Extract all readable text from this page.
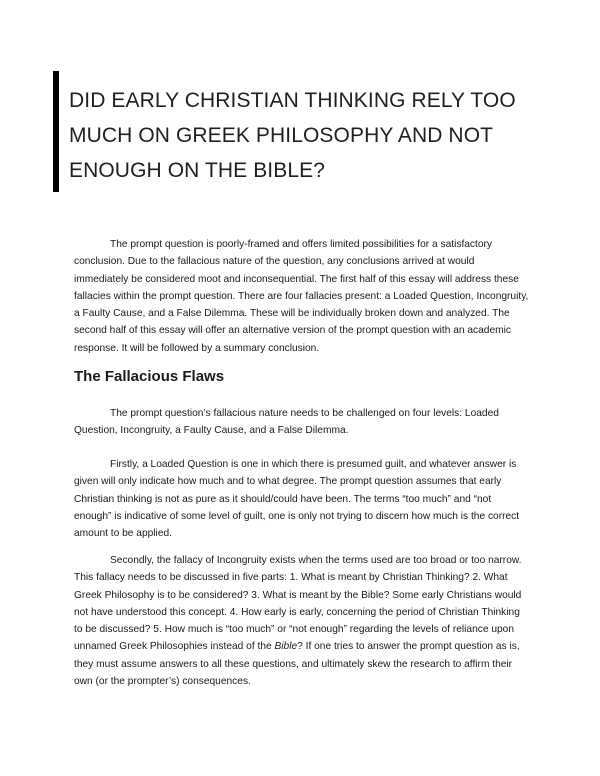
DID EARLY CHRISTIAN THINKING RELY TOO MUCH ON GREEK PHILOSOPHY AND NOT ENOUGH ON THE BIBLE?

The prompt question is poorly-framed and offers limited possibilities for a satisfactory conclusion. Due to the fallacious nature of the question, any conclusions arrived at would immediately be considered moot and inconsequential. The first half of this essay will address these fallacies within the prompt question. There are four fallacies present: a Loaded Question, Incongruity, a Faulty Cause, and a False Dilemma. These will be individually broken down and analyzed. The second half of this essay will offer an alternative version of the prompt question with an academic response. It will be followed by a summary conclusion.

The Fallacious Flaws

The prompt question’s fallacious nature needs to be challenged on four levels: Loaded Question, Incongruity, a Faulty Cause, and a False Dilemma.

Firstly, a Loaded Question is one in which there is presumed guilt, and whatever answer is given will only indicate how much and to what degree. The prompt question assumes that early Christian thinking is not as pure as it should/could have been. The terms “too much” and “not enough” is indicative of some level of guilt, one is only not trying to discern how much is the correct amount to be applied.

Secondly, the fallacy of Incongruity exists when the terms used are too broad or too narrow. This fallacy needs to be discussed in five parts: 1. What is meant by Christian Thinking? 2. What Greek Philosophy is to be considered? 3. What is meant by the Bible? Some early Christians would not have understood this concept. 4. How early is early, concerning the period of Christian Thinking to be discussed? 5. How much is “too much” or “not enough” regarding the levels of reliance upon unnamed Greek Philosophies instead of the Bible? If one tries to answer the prompt question as is, they must assume answers to all these questions, and ultimately skew the research to affirm their own (or the prompter’s) consequences.
